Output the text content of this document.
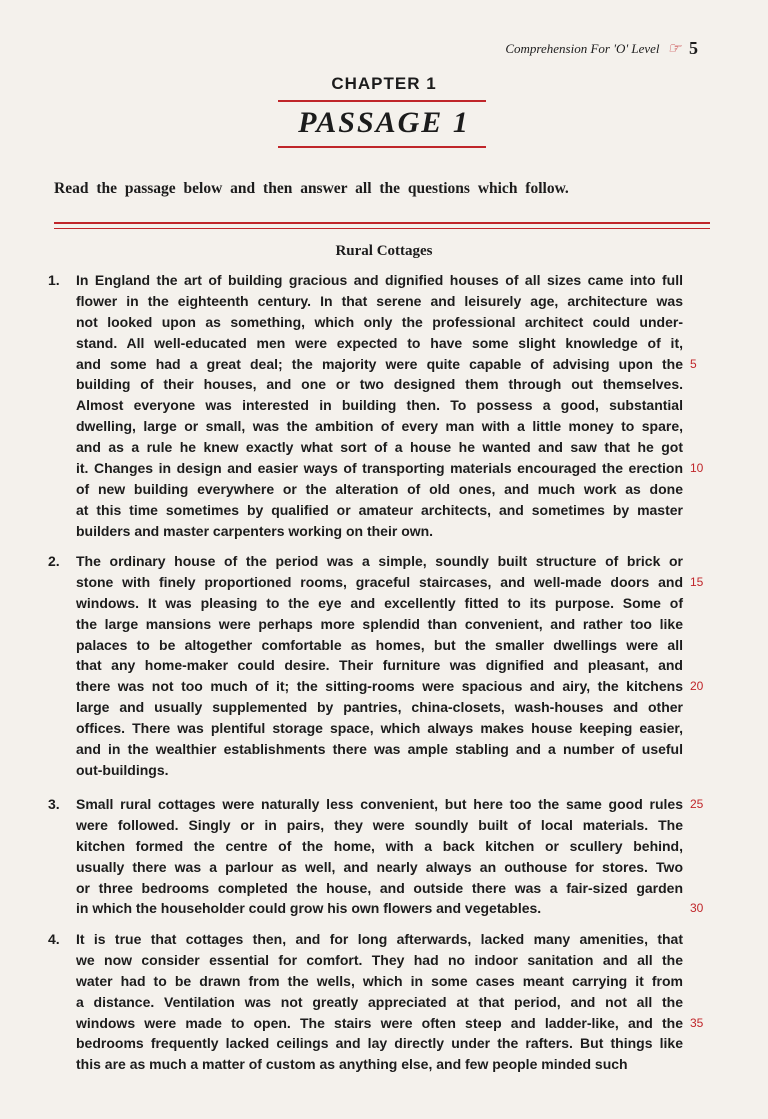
Comprehension For 'O' Level ☞ 5
CHAPTER 1
PASSAGE 1
Read the passage below and then answer all the questions which follow.
Rural Cottages
1.	In England the art of building gracious and dignified houses of all sizes came into full
flower in the eighteenth century. In that serene and leisurely age, architecture was
not looked upon as something, which only the professional architect could under-
stand. All well-educated men were expected to have some slight knowledge of it,
and some had a great deal; the majority were quite capable of advising upon the 5
building of their houses, and one or two designed them through out themselves.
Almost everyone was interested in building then. To possess a good, substantial
dwelling, large or small, was the ambition of every man with a little money to spare,
and as a rule he knew exactly what sort of a house he wanted and saw that he got
it. Changes in design and easier ways of transporting materials encouraged the erection 10
of new building everywhere or the alteration of old ones, and much work as done
at this time sometimes by qualified or amateur architects, and sometimes by master
builders and master carpenters working on their own.
2.	The ordinary house of the period was a simple, soundly built structure of brick or
stone with finely proportioned rooms, graceful staircases, and well-made doors and 15
windows. It was pleasing to the eye and excellently fitted to its purpose. Some of
the large mansions were perhaps more splendid than convenient, and rather too like
palaces to be altogether comfortable as homes, but the smaller dwellings were all
that any home-maker could desire. Their furniture was dignified and pleasant, and
there was not too much of it; the sitting-rooms were spacious and airy, the kitchens 20
large and usually supplemented by pantries, china-closets, wash-houses and other
offices. There was plentiful storage space, which always makes house keeping easier,
and in the wealthier establishments there was ample stabling and a number of useful
out-buildings.
3.	Small rural cottages were naturally less convenient, but here too the same good rules 25
were followed. Singly or in pairs, they were soundly built of local materials. The
kitchen formed the centre of the home, with a back kitchen or scullery behind,
usually there was a parlour as well, and nearly always an outhouse for stores. Two
or three bedrooms completed the house, and outside there was a fair-sized garden
in which the householder could grow his own flowers and vegetables.	30
4.	It is true that cottages then, and for long afterwards, lacked many amenities, that
we now consider essential for comfort. They had no indoor sanitation and all the
water had to be drawn from the wells, which in some cases meant carrying it from
a distance. Ventilation was not greatly appreciated at that period, and not all the
windows were made to open. The stairs were often steep and ladder-like, and the 35
bedrooms frequently lacked ceilings and lay directly under the rafters. But things like
this are as much a matter of custom as anything else, and few people minded such
